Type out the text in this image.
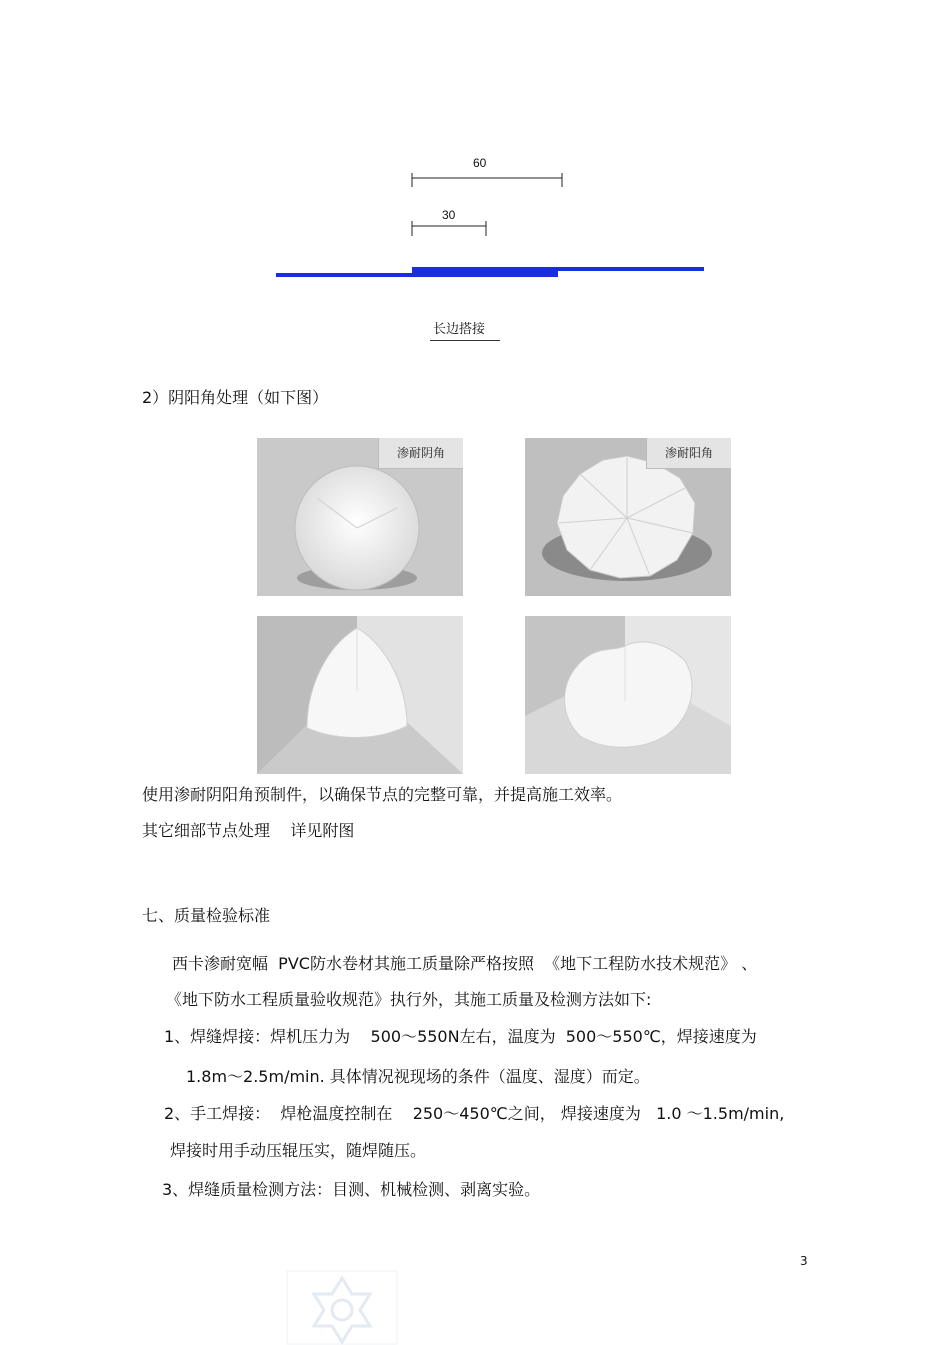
60
30
长边搭接
2）阴阳角处理（如下图）
渗耐阴角	渗耐阳角
使用渗耐阴阳角预制件，以确保节点的完整可靠，并提高施工效率。
其它细部节点处理    详见附图
七、质量检验标准
西卡渗耐宽幅  PVC防水卷材其施工质量除严格按照  《地下工程防水技术规范》 、
《地下防水工程质量验收规范》执行外，其施工质量及检测方法如下:
1、焊缝焊接：焊机压力为    500～550N左右，温度为  500～550℃，焊接速度为
1.8m～2.5m/min. 具体情况视现场的条件（温度、湿度）而定。
2、手工焊接：  焊枪温度控制在    250～450℃之间， 焊接速度为   1.0 ～1.5m/min,
焊接时用手动压辊压实，随焊随压。
3、焊缝质量检测方法：目测、机械检测、剥离实验。
3
